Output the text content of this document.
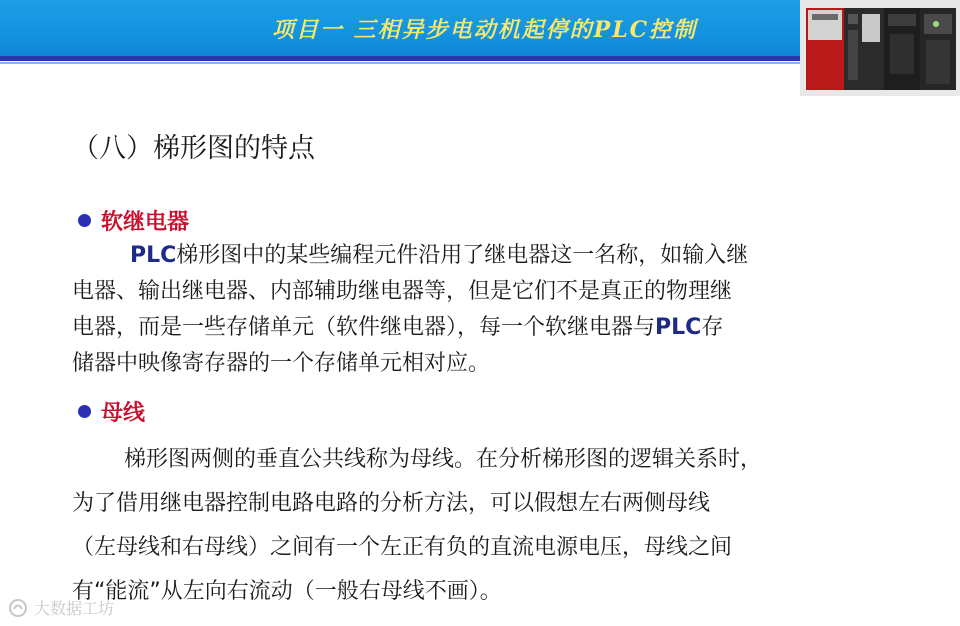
项目一 三相异步电动机起停的PLC控制
（八）梯形图的特点
软继电器

PLC梯形图中的某些编程元件沿用了继电器这一名称，如输入继
电器、输出继电器、内部辅助继电器等，但是它们不是真正的物理继
电器，而是一些存储单元（软件继电器），每一个软继电器与PLC存
储器中映像寄存器的一个存储单元相对应。

母线

梯形图两侧的垂直公共线称为母线。在分析梯形图的逻辑关系时，
为了借用继电器控制电路电路的分析方法，可以假想左右两侧母线
（左母线和右母线）之间有一个左正有负的直流电源电压，母线之间
有“能流”从左向右流动（一般右母线不画）。

大数据工坊
